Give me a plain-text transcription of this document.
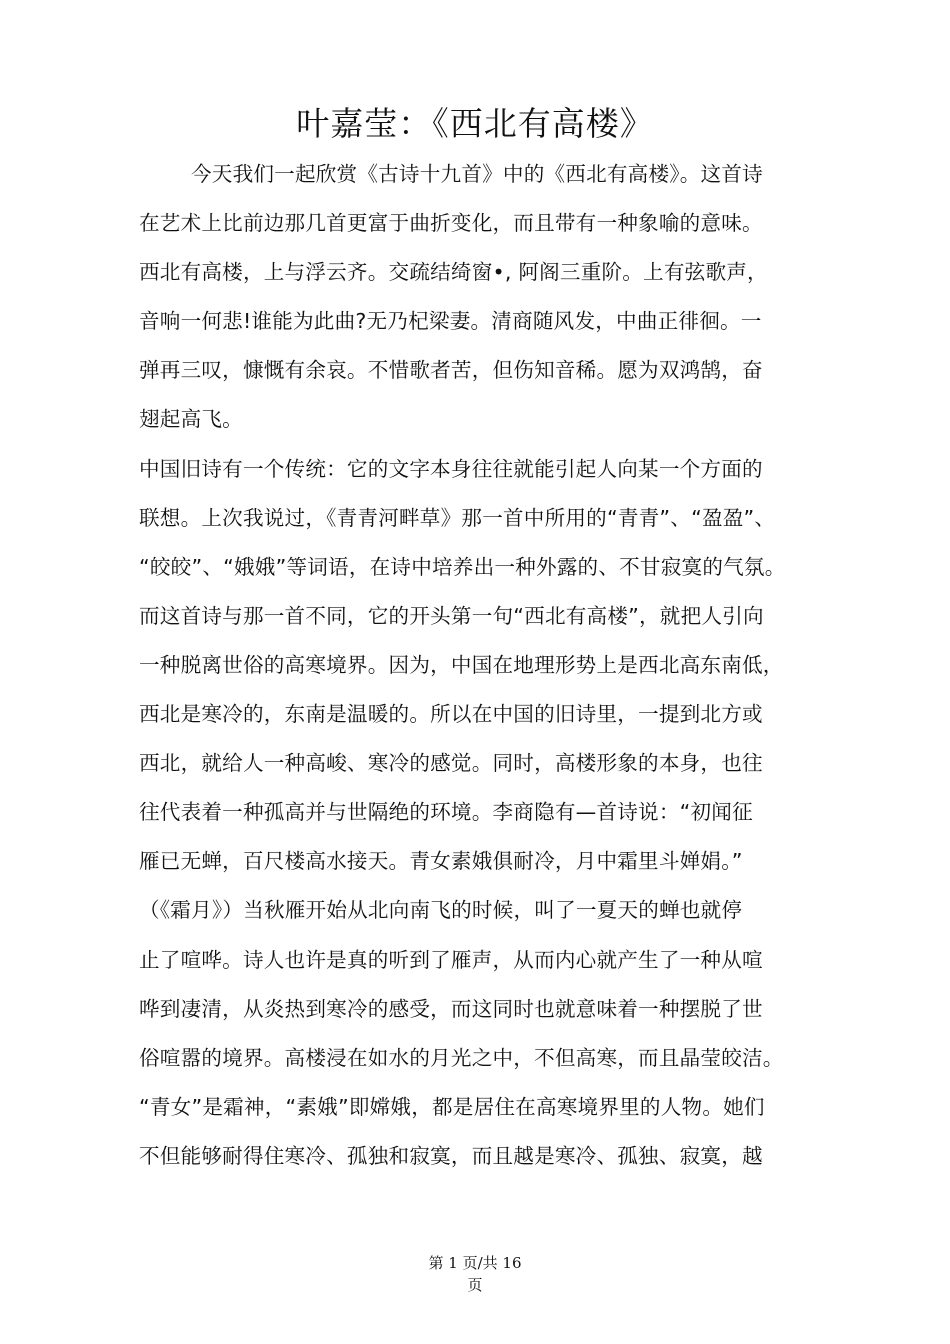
叶嘉莹：《西北有高楼》
今天我们一起欣赏《古诗十九首》中的《西北有高楼》。这首诗
在艺术上比前边那几首更富于曲折变化，而且带有一种象喻的意味。
西北有高楼，上与浮云齐。交疏结绮窗•, 阿阁三重阶。上有弦歌声，
音响一何悲!谁能为此曲?无乃杞梁妻。清商随风发，中曲正徘徊。一
弹再三叹，慷慨有余哀。不惜歌者苦，但伤知音稀。愿为双鸿鹄，奋
翅起高飞。
中国旧诗有一个传统：它的文字本身往往就能引起人向某一个方面的
联想。上次我说过，《青青河畔草》那一首中所用的“青青”、“盈盈”、
“皎皎”、“娥娥”等词语，在诗中培养出一种外露的、不甘寂寞的气氛。
而这首诗与那一首不同，它的开头第一句“西北有高楼”，就把人引向
一种脱离世俗的高寒境界。因为，中国在地理形势上是西北高东南低，
西北是寒冷的，东南是温暖的。所以在中国的旧诗里，一提到北方或
西北，就给人一种高峻、寒冷的感觉。同时，高楼形象的本身，也往
往代表着一种孤高并与世隔绝的环境。李商隐有—首诗说：“初闻征
雁已无蝉，百尺楼高水接天。青女素娥俱耐冷，月中霜里斗婵娟。”
（《霜月》）当秋雁开始从北向南飞的时候，叫了一夏天的蝉也就停
止了喧哗。诗人也许是真的听到了雁声，从而内心就产生了一种从喧
哗到凄清，从炎热到寒冷的感受，而这同时也就意味着一种摆脱了世
俗喧嚣的境界。高楼浸在如水的月光之中，不但高寒，而且晶莹皎洁。
“青女”是霜神，“素娥”即嫦娥，都是居住在高寒境界里的人物。她们
不但能够耐得住寒冷、孤独和寂寞，而且越是寒冷、孤独、寂寞，越
第 1 页/共 16
页
